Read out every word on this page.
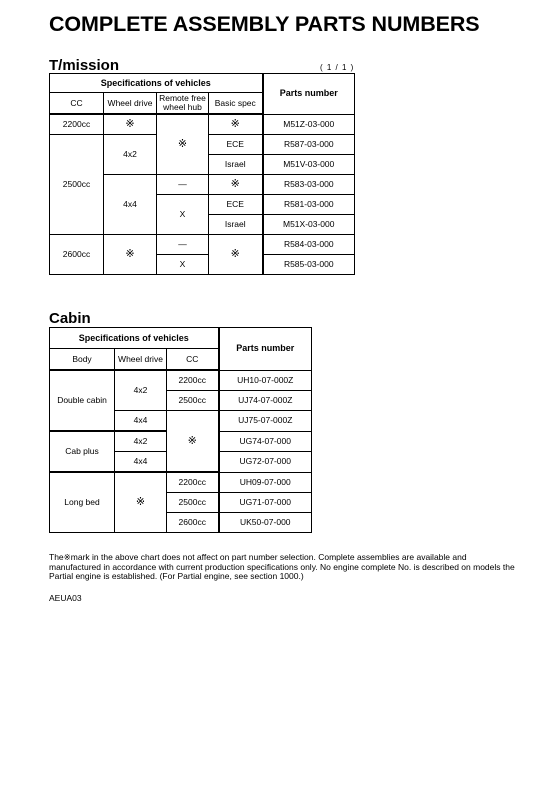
COMPLETE ASSEMBLY PARTS NUMBERS
T/mission	( 1 / 1 )
Specifications of vehicles				Parts number
CC	Wheel drive	Remote free wheel hub	Basic spec	
2200cc	※	※	※	M51Z-03-000
2500cc	4x2		ECE	R587-03-000
			Israel	M51V-03-000
	4x4	—	※	R583-03-000
		X	ECE	R581-03-000
			Israel	M51X-03-000
2600cc	※	—	※	R584-03-000
		X		R585-03-000
Cabin
Specifications of vehicles			Parts number
Body	Wheel drive	CC	
Double cabin	4x2	2200cc	UH10-07-000Z
		2500cc	UJ74-07-000Z
	4x4	※	UJ75-07-000Z
Cab plus	4x2		UG74-07-000
	4x4		UG72-07-000
Long bed	※	2200cc	UH09-07-000
		2500cc	UG71-07-000
		2600cc	UK50-07-000

The※mark in the above chart does not affect on part number selection. Complete assemblies are available and manufactured in accordance with current production specifications only. No engine complete No. is described on models the Partial engine is established. (For Partial engine, see section 1000.)

AEUA03
